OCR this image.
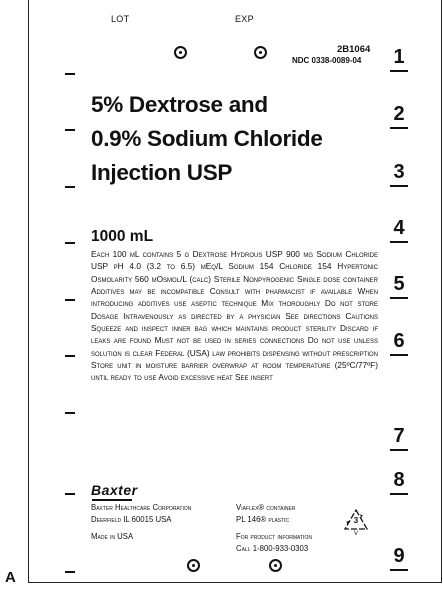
LOT	EXP
2B1064
NDC 0338-0089-04
5% Dextrose and
0.9% Sodium Chloride
Injection USP
1000 mL
Each 100 mL contains 5 g Dextrose Hydrous USP 900 mg Sodium Chloride USP pH 4.0 (3.2 to 6.5) mEq/L Sodium 154 Chloride 154 Hypertonic Osmolarity 560 mOsmol/L (calc) Sterile Nonpyrogenic Single dose container Additives may be incompatible Consult with pharmacist if available When introducing additives use aseptic technique Mix thoroughly Do not store Dosage Intravenously as directed by a physician See directions Cautions Squeeze and inspect inner bag which maintains product sterility Discard if leaks are found Must not be used in series connections Do not use unless solution is clear Federal (USA) law prohibits dispensing without prescription Store unit in moisture barrier overwrap at room temperature (25ºC/77ºF) until ready to use Avoid excessive heat See insert
1
2
3
4
5
6
7
8
9
Baxter
Baxter Healthcare Corporation
Deerfield IL 60015 USA
Made in USA
Viaflex® container
PL 146® plastic
For product information
Call 1-800-933-0303
3
V
A
